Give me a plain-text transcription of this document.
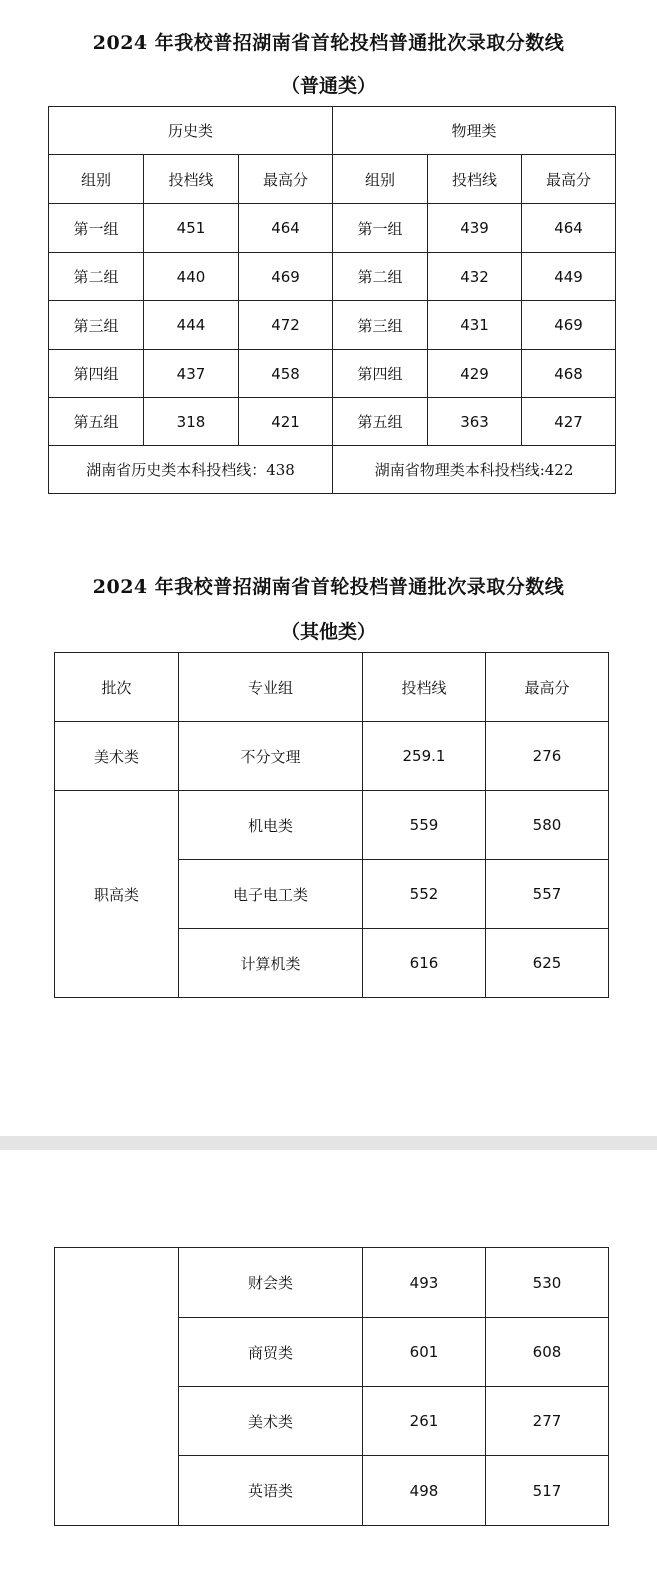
2024 年我校普招湖南省首轮投档普通批次录取分数线
（普通类）
历史类			物理类		
组别	投档线	最高分	组别	投档线	最高分
第一组	451	464	第一组	439	464
第二组	440	469	第二组	432	449
第三组	444	472	第三组	431	469
第四组	437	458	第四组	429	468
第五组	318	421	第五组	363	427
湖南省历史类本科投档线：438			湖南省物理类本科投档线:422		
2024 年我校普招湖南省首轮投档普通批次录取分数线
（其他类）
批次	专业组	投档线	最高分
美术类	不分文理	259.1	276
职高类	机电类	559	580
	电子电工类	552	557
	计算机类	616	625
	财会类	493	530
	商贸类	601	608
	美术类	261	277
	英语类	498	517
